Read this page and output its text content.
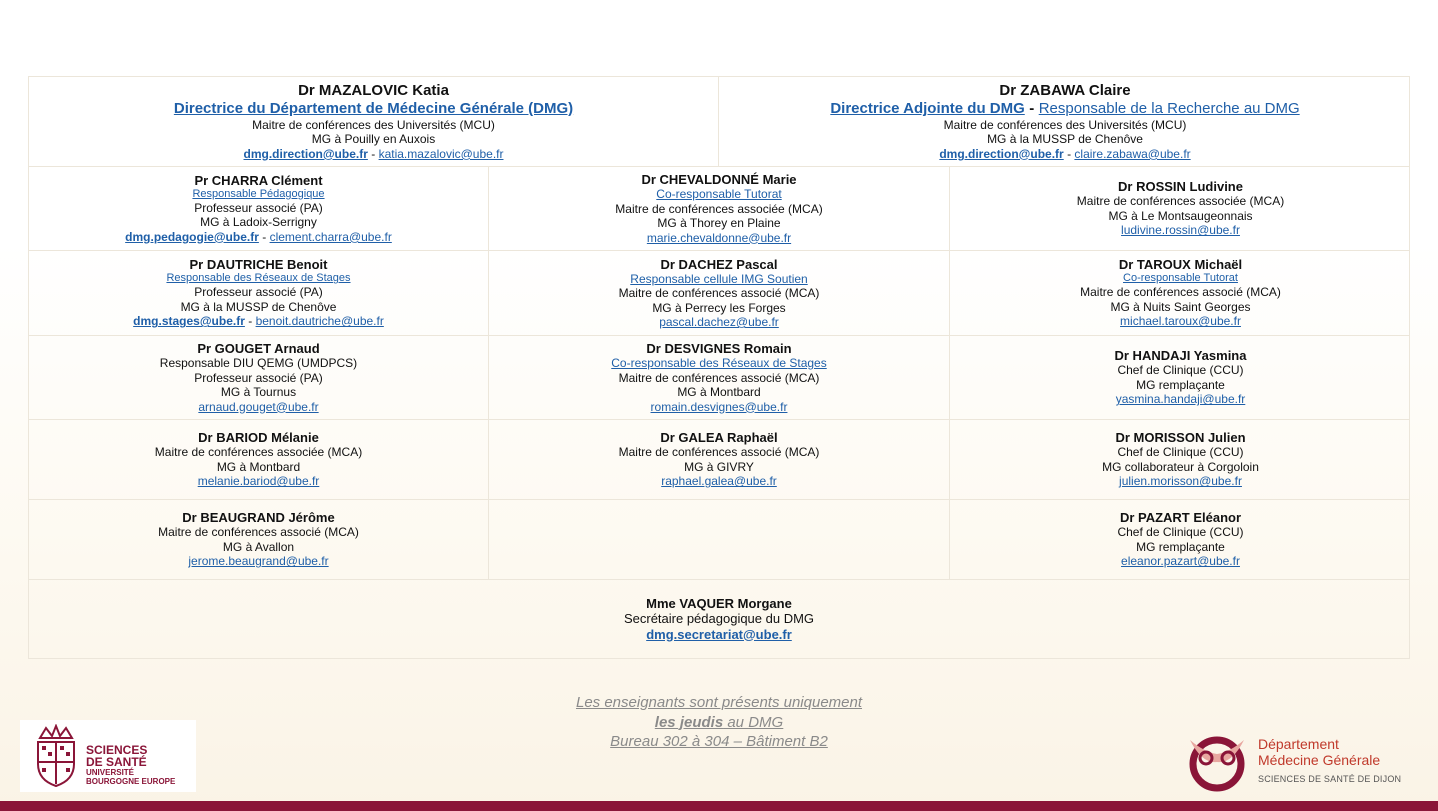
Dr MAZALOVIC Katia
Directrice du Département de Médecine Générale (DMG)
Maitre de conférences des Universités (MCU)
MG à Pouilly en Auxois
dmg.direction@ube.fr - katia.mazalovic@ube.fr
Dr ZABAWA Claire
Directrice Adjointe du DMG - Responsable de la Recherche au DMG
Maitre de conférences des Universités (MCU)
MG à la MUSSP de Chenôve
dmg.direction@ube.fr - claire.zabawa@ube.fr
Pr CHARRA Clément
Responsable Pédagogique
Professeur associé (PA)
MG à Ladoix-Serrigny
dmg.pedagogie@ube.fr - clement.charra@ube.fr
Dr CHEVALDONNÉ Marie
Co-responsable Tutorat
Maitre de conférences associée (MCA)
MG à Thorey en Plaine
marie.chevaldonne@ube.fr
Dr ROSSIN Ludivine
Maitre de conférences associée (MCA)
MG à Le Montsaugeonnais
ludivine.rossin@ube.fr
Pr DAUTRICHE Benoit
Responsable des Réseaux de Stages
Professeur associé (PA)
MG à la MUSSP de Chenôve
dmg.stages@ube.fr - benoit.dautriche@ube.fr
Dr DACHEZ Pascal
Responsable cellule IMG Soutien
Maitre de conférences associé (MCA)
MG à Perrecy les Forges
pascal.dachez@ube.fr
Dr TAROUX Michaël
Co-responsable Tutorat
Maitre de conférences associé (MCA)
MG à Nuits Saint Georges
michael.taroux@ube.fr
Pr GOUGET Arnaud
Responsable DIU QEMG (UMDPCS)
Professeur associé (PA)
MG à Tournus
arnaud.gouget@ube.fr
Dr DESVIGNES Romain
Co-responsable des Réseaux de Stages
Maitre de conférences associé (MCA)
MG à Montbard
romain.desvignes@ube.fr
Dr HANDAJI Yasmina
Chef de Clinique (CCU)
MG remplaçante
yasmina.handaji@ube.fr
Dr BARIOD Mélanie
Maitre de conférences associée (MCA)
MG à Montbard
melanie.bariod@ube.fr
Dr GALEA Raphaël
Maitre de conférences associé (MCA)
MG à GIVRY
raphael.galea@ube.fr
Dr MORISSON Julien
Chef de Clinique (CCU)
MG collaborateur à Corgoloin
julien.morisson@ube.fr
Dr BEAUGRAND Jérôme
Maitre de conférences associé (MCA)
MG à Avallon
jerome.beaugrand@ube.fr
Dr PAZART Eléanor
Chef de Clinique (CCU)
MG remplaçante
eleanor.pazart@ube.fr
Mme VAQUER Morgane
Secrétaire pédagogique du DMG
dmg.secretariat@ube.fr
Les enseignants sont présents uniquement
les jeudis au DMG
Bureau 302 à 304 – Bâtiment B2
SCIENCES
DE SANTÉ
UNIVERSITÉ
BOURGOGNE EUROPE
Département
Médecine Générale
SCIENCES DE SANTÉ DE DIJON
